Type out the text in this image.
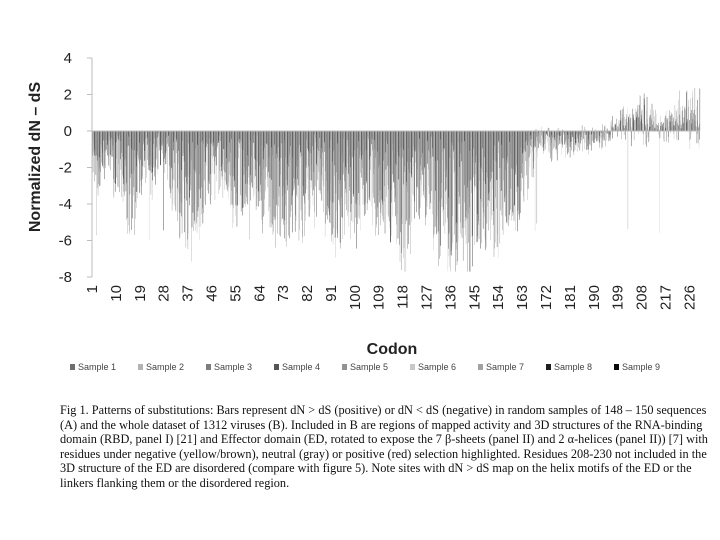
4
2
0
-2
-4
-6
-8
1 10 19 28 37 46 55 64 73 82 91 100 109 118 127 136 145 154 163 172 181 190 199 208 217 226
Normalized dN – dS
Codon
Sample 1	Sample 2	Sample 3	Sample 4	Sample 5	Sample 6	Sample 7	Sample 8	Sample 9

Fig 1. Patterns of substitutions: Bars represent dN > dS (positive) or dN < dS (negative) in random samples of 148 – 150 sequences (A) and the whole dataset of 1312 viruses (B). Included in B are regions of mapped activity and 3D structures of the RNA-binding domain (RBD, panel I) [21] and Effector domain (ED, rotated to expose the 7 β-sheets (panel II) and 2 α-helices (panel II)) [7] with residues under negative (yellow/brown), neutral (gray) or positive (red) selection highlighted. Residues 208-230 not included in the 3D structure of the ED are disordered (compare with figure 5). Note sites with dN > dS map on the helix motifs of the ED or the linkers flanking them or the disordered region.
